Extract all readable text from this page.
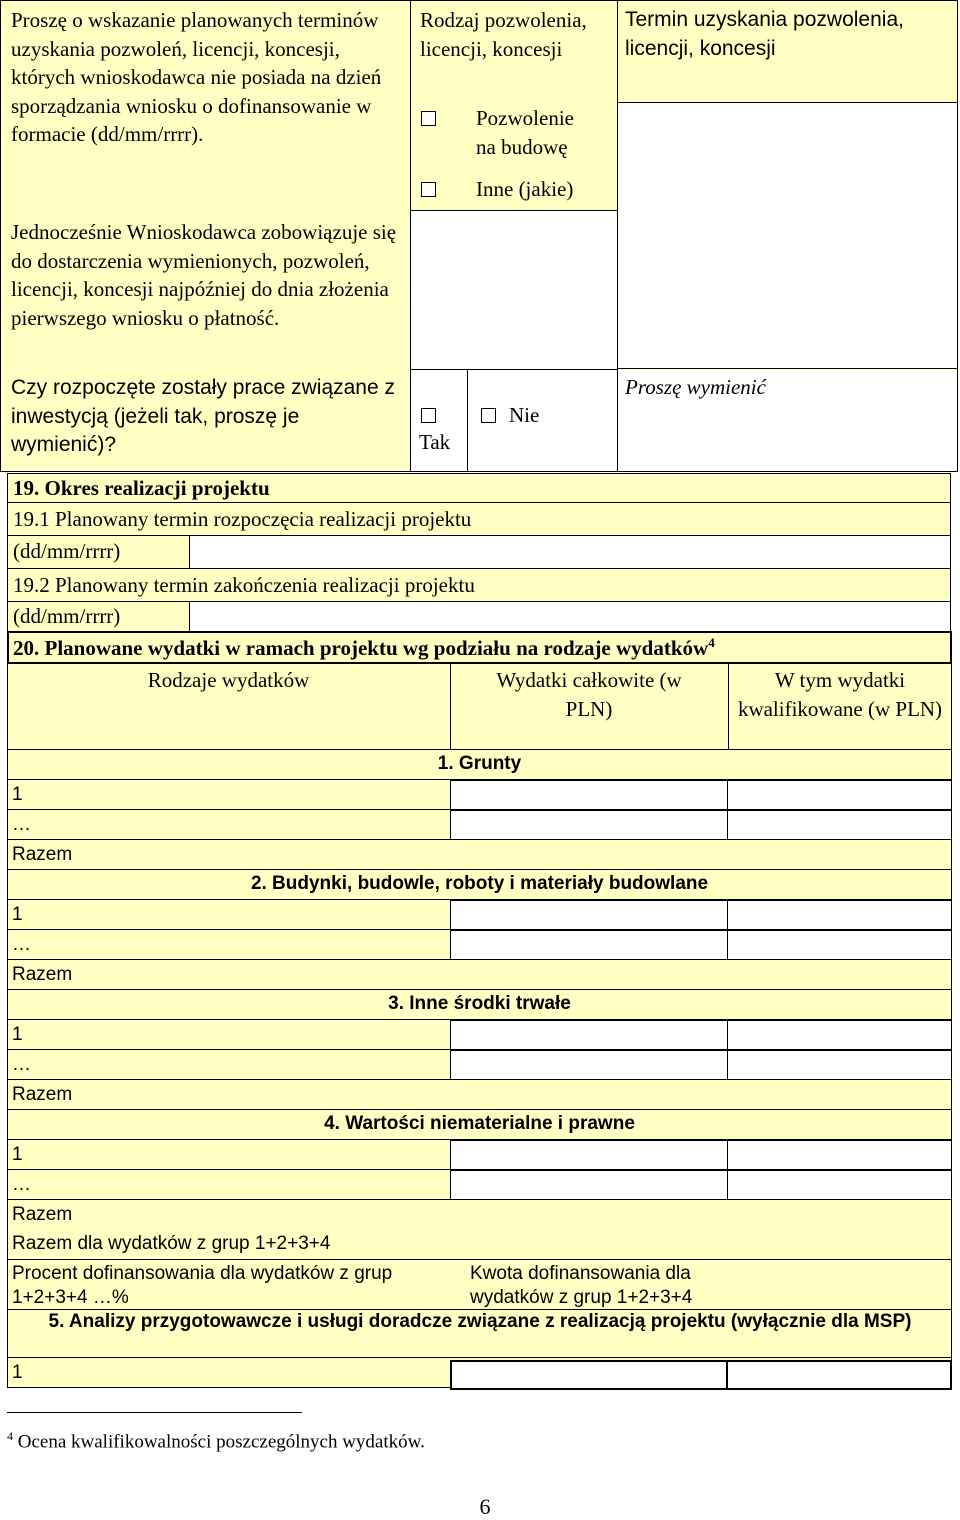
Proszę o wskazanie planowanych terminów uzyskania pozwoleń, licencji, koncesji, których wnioskodawca nie posiada na dzień sporządzania wniosku o dofinansowanie w formacie (dd/mm/rrrr).
Jednocześnie Wnioskodawca zobowiązuje się do dostarczenia wymienionych, pozwoleń, licencji, koncesji najpóźniej do dnia złożenia pierwszego wniosku o płatność.
Czy rozpoczęte zostały prace związane z inwestycją (jeżeli tak, proszę je wymienić)?
Rodzaj pozwolenia, licencji, koncesji
Pozwolenie na budowę
Inne (jakie)
Tak
Nie
Termin uzyskania pozwolenia, licencji, koncesji
Proszę wymienić
19. Okres realizacji projektu
19.1 Planowany termin rozpoczęcia realizacji projektu
(dd/mm/rrrr)
19.2 Planowany termin zakończenia realizacji projektu
(dd/mm/rrrr)
20. Planowane wydatki w ramach projektu wg podziału na rodzaje wydatków$^4$
Rodzaje wydatków	Wydatki całkowite (w PLN)
W tym wydatki kwalifikowane (w PLN)
1. Grunty
1
…
Razem
2. Budynki, budowle, roboty i materiały budowlane
1
…
Razem
3. Inne środki trwałe
1
…
Razem
4. Wartości niematerialne i prawne
1
…
Razem
Razem dla wydatków z grup 1+2+3+4
Procent dofinansowania dla wydatków z grup 1+2+3+4 …%
Kwota dofinansowania dla wydatków z grup 1+2+3+4
5. Analizy przygotowawcze i usługi doradcze związane z realizacją projektu (wyłącznie dla MSP)
1
$^4$ Ocena kwalifikowalności poszczególnych wydatków.
6
